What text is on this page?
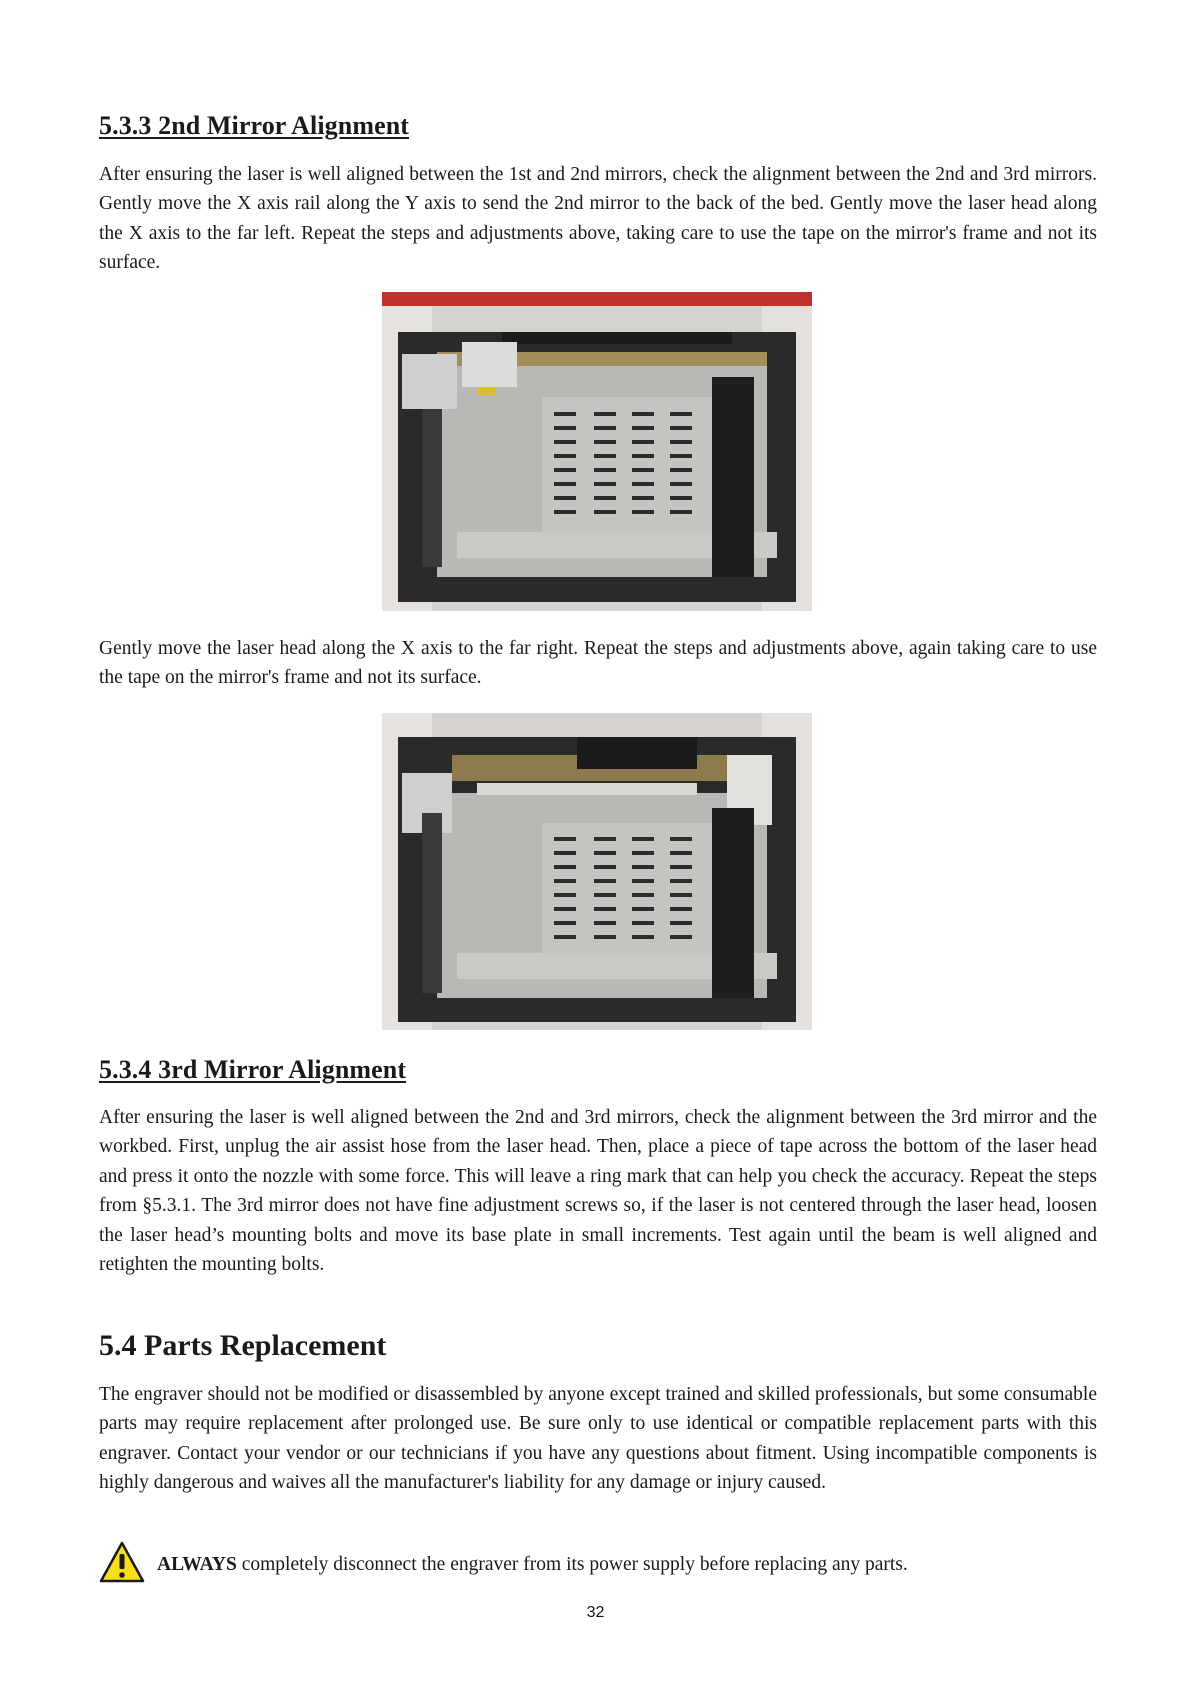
5.3.3 2nd Mirror Alignment

After ensuring the laser is well aligned between the 1st and 2nd mirrors, check the alignment between the 2nd and 3rd mirrors. Gently move the X axis rail along the Y axis to send the 2nd mirror to the back of the bed. Gently move the laser head along the X axis to the far left. Repeat the steps and adjustments above, taking care to use the tape on the mirror's frame and not its surface.

Gently move the laser head along the X axis to the far right. Repeat the steps and adjustments above, again taking care to use the tape on the mirror's frame and not its surface.

5.3.4 3rd Mirror Alignment

After ensuring the laser is well aligned between the 2nd and 3rd mirrors, check the alignment between the 3rd mirror and the workbed. First, unplug the air assist hose from the laser head. Then, place a piece of tape across the bottom of the laser head and press it onto the nozzle with some force. This will leave a ring mark that can help you check the accuracy. Repeat the steps from §5.3.1. The 3rd mirror does not have fine adjustment screws so, if the laser is not centered through the laser head, loosen the laser head’s mounting bolts and move its base plate in small increments. Test again until the beam is well aligned and retighten the mounting bolts.

5.4 Parts Replacement

The engraver should not be modified or disassembled by anyone except trained and skilled professionals, but some consumable parts may require replacement after prolonged use. Be sure only to use identical or compatible replacement parts with this engraver. Contact your vendor or our technicians if you have any questions about fitment. Using incompatible components is highly dangerous and waives all the manufacturer's liability for any damage or injury caused.

ALWAYS completely disconnect the engraver from its power supply before replacing any parts.
32
